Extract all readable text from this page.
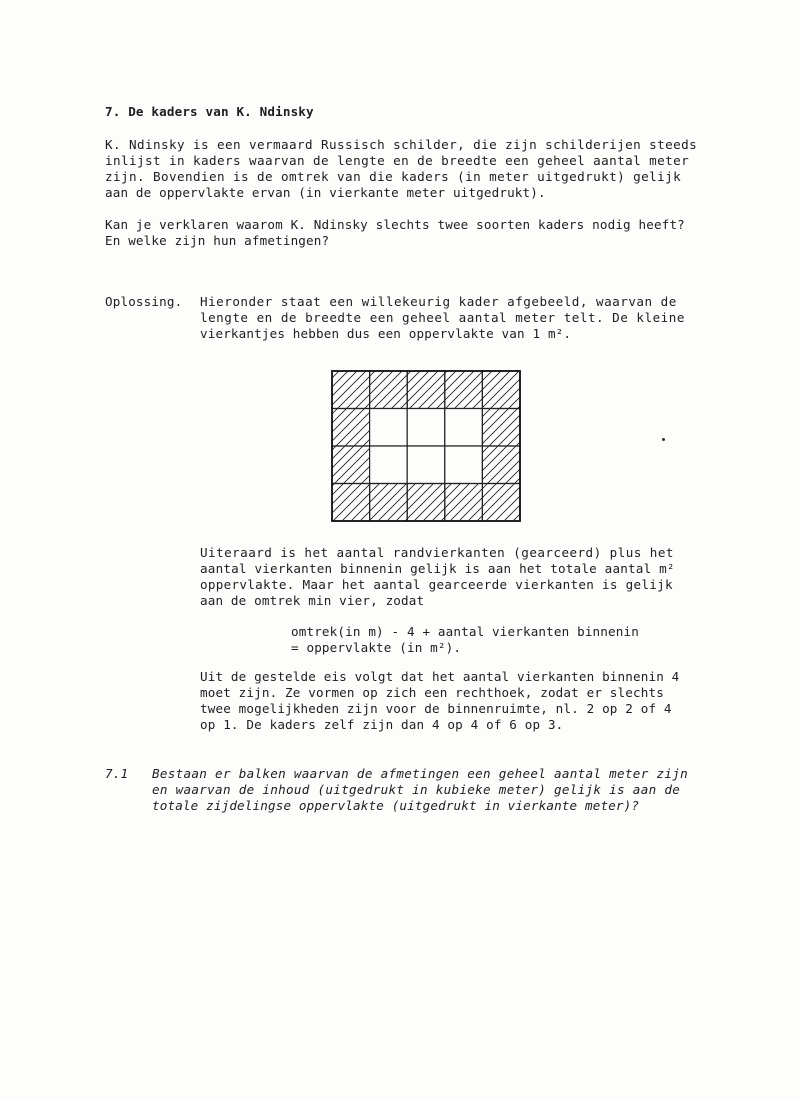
7. De kaders van K. Ndinsky

K. Ndinsky is een vermaard Russisch schilder, die zijn schilderijen steeds

inlijst in kaders waarvan de lengte en de breedte een geheel aantal meter

zijn. Bovendien is de omtrek van die kaders (in meter uitgedrukt) gelijk

aan de oppervlakte ervan (in vierkante meter uitgedrukt).

Kan je verklaren waarom K. Ndinsky slechts twee soorten kaders nodig heeft?

En welke zijn hun afmetingen?

Oplossing. Hieronder staat een willekeurig kader afgebeeld, waarvan de

lengte en de breedte een geheel aantal meter telt. De kleine

vierkantjes hebben dus een oppervlakte van 1 m².

Uiteraard is het aantal randvierkanten (gearceerd) plus het

aantal vierkanten binnenin gelijk is aan het totale aantal m²

oppervlakte. Maar het aantal gearceerde vierkanten is gelijk

aan de omtrek min vier, zodat

omtrek(in m) - 4 + aantal vierkanten binnenin

= oppervlakte (in m²).

Uit de gestelde eis volgt dat het aantal vierkanten binnenin 4

moet zijn. Ze vormen op zich een rechthoek, zodat er slechts

twee mogelijkheden zijn voor de binnenruimte, nl. 2 op 2 of 4

op 1. De kaders zelf zijn dan 4 op 4 of 6 op 3.

7.1 Bestaan er balken waarvan de afmetingen een geheel aantal meter zijn

en waarvan de inhoud (uitgedrukt in kubieke meter) gelijk is aan de

totale zijdelingse oppervlakte (uitgedrukt in vierkante meter)?
